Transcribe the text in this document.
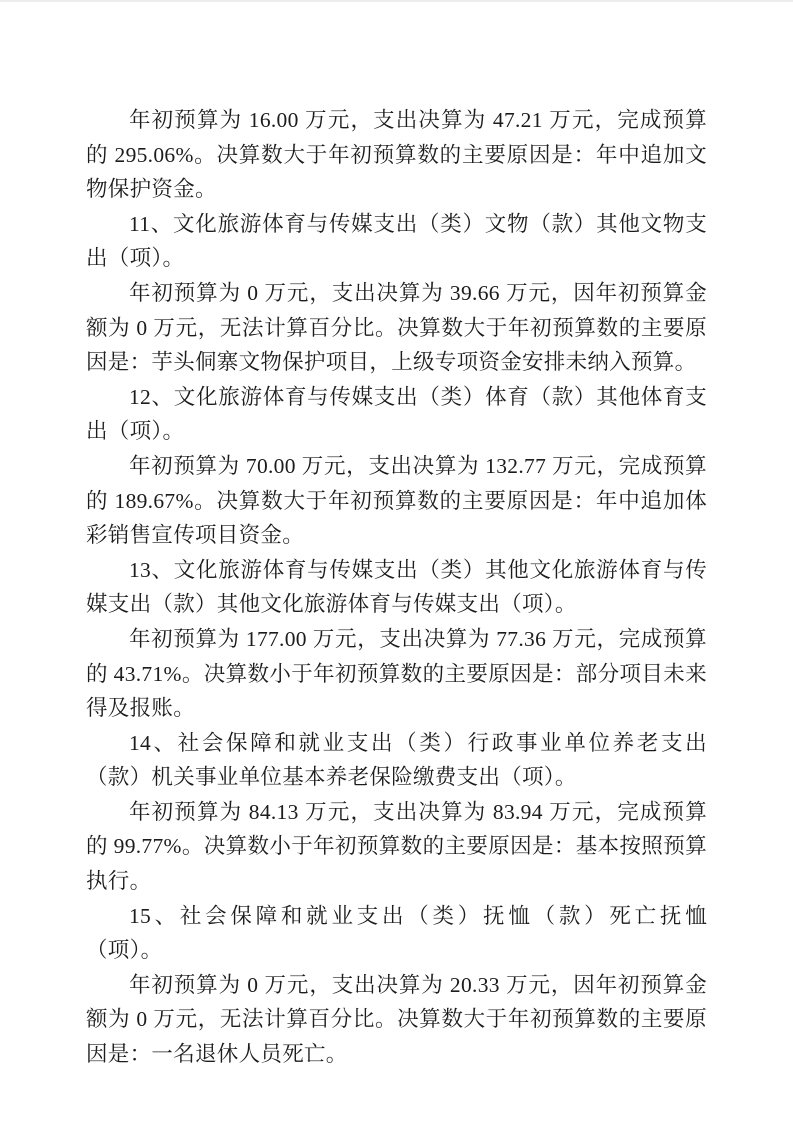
年初预算为 16.00 万元，支出决算为 47.21 万元，完成预算的 295.06%。决算数大于年初预算数的主要原因是：年中追加文物保护资金。

11、文化旅游体育与传媒支出（类）文物（款）其他文物支出（项）。

年初预算为 0 万元，支出决算为 39.66 万元，因年初预算金额为 0 万元，无法计算百分比。决算数大于年初预算数的主要原因是：芋头侗寨文物保护项目，上级专项资金安排未纳入预算。

12、文化旅游体育与传媒支出（类）体育（款）其他体育支出（项）。

年初预算为 70.00 万元，支出决算为 132.77 万元，完成预算的 189.67%。决算数大于年初预算数的主要原因是：年中追加体彩销售宣传项目资金。

13、文化旅游体育与传媒支出（类）其他文化旅游体育与传媒支出（款）其他文化旅游体育与传媒支出（项）。

年初预算为 177.00 万元，支出决算为 77.36 万元，完成预算的 43.71%。决算数小于年初预算数的主要原因是：部分项目未来得及报账。

14、社会保障和就业支出（类）行政事业单位养老支出（款）机关事业单位基本养老保险缴费支出（项）。

年初预算为 84.13 万元，支出决算为 83.94 万元，完成预算的 99.77%。决算数小于年初预算数的主要原因是：基本按照预算执行。

15、社会保障和就业支出（类）抚恤（款）死亡抚恤（项）。

年初预算为 0 万元，支出决算为 20.33 万元，因年初预算金额为 0 万元，无法计算百分比。决算数大于年初预算数的主要原因是：一名退休人员死亡。
